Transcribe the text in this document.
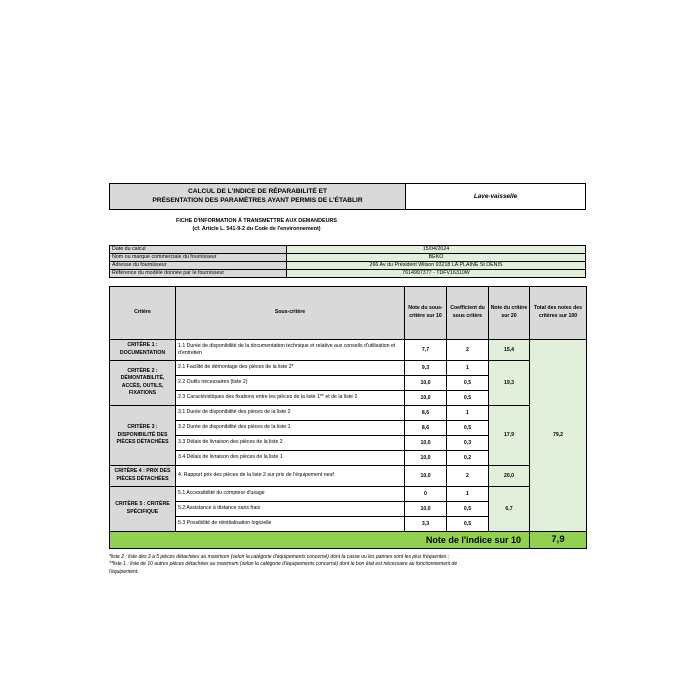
CALCUL DE L'INDICE DE RÉPARABILITÉ ET
PRÉSENTATION DES PARAMÈTRES AYANT PERMIS DE L'ÉTABLIR	Lave-vaisselle
FICHE D'INFORMATION À TRANSMETTRE AUX DEMANDEURS
(cf. Article L. 541-9-2 du Code de l'environnement)
Date du calcul	15/04/2024
Nom ou marque commerciale du fournisseur	BEKO
Adresse du fournisseur	266 Av du Président Wilson 93218 LA PLAINE St DENIS
Référence du modèle donnée par le fournisseur	7614997377 - TDFV16310W
Critère	Sous-critère	Note du sous-critère sur 10	Coefficient du sous critère	Note du critère sur 20	Total des notes des critères sur 100
CRITÈRE 1 : DOCUMENTATION	1.1 Durée de disponibilité de la documentation technique et relative aux conseils d'utilisation et d'entretien	7,7	2	15,4	79,2
CRITÈRE 2 : DÉMONTABILITÉ, ACCÈS, OUTILS, FIXATIONS	2.1 Facilité de démontage des pièces de la liste 2*	9,3	1	19,3	
	2.2 Outils nécessaires (liste 2)	10,0	0,5		
	2.3 Caractéristiques des fixations entre les pièces de la liste 1** et de la liste 2	10,0	0,5		
CRITÈRE 3 : DISPONIBILITÉ DES PIÈCES DÉTACHÉES	3.1 Durée de disponibilité des pièces de la liste 2	8,6	1	17,9	
	3.2 Durée de disponibilité des pièces de la liste 1	8,6	0,5		
	3.3 Délais de livraison des pièces de la liste 2	10,0	0,3		
	3.4 Délais de livraison des pièces de la liste 1	10,0	0,2		
CRITÈRE 4 : PRIX DES PIÈCES DÉTACHÉES	4. Rapport prix des pièces de la liste 2 sur prix de l'équipement neuf	10,0	2	20,0	
CRITÈRE 5 : CRITÈRE SPÉCIFIQUE	5.1 Accessibilité du compteur d'usage	0	1	6,7	
	5.2 Assistance à distance sans frais	10,0	0,5		
	5.3 Possibilité de réinitialisation logicielle	3,3	0,5		
Note de l'indice sur 10					7,9
*liste 2 : liste des 3 à 5 pièces détachées au maximum (selon la catégorie d'équipements concerné) dont la casse ou les pannes sont les plus fréquentes ;
**liste 1 : liste de 10 autres pièces détachées au maximum (selon la catégorie d'équipements concerné) dont le bon état est nécessaire au fonctionnement de
l'équipement.
